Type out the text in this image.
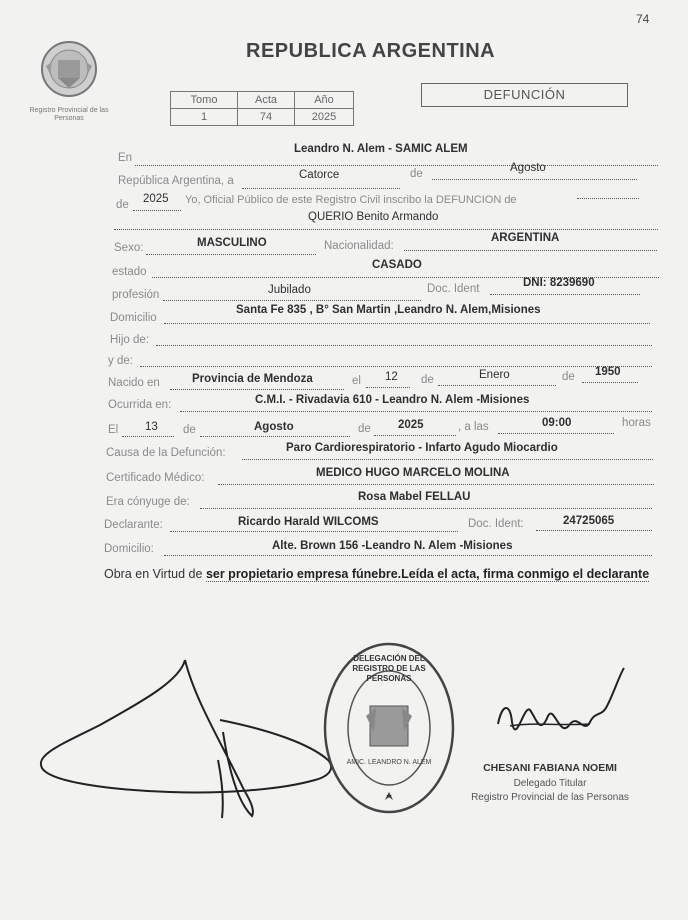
74
Registro Provincial de las Personas
REPUBLICA ARGENTINA
Tomo	Acta	Año
1	74	2025
DEFUNCIÓN
En
Leandro N. Alem - SAMIC ALEM
República Argentina, a	Catorce	de	Agosto
de 2025 Yo, Oficial Público de este Registro Civil inscribo la DEFUNCION de
QUERIO Benito Armando
Sexo:	MASCULINO	Nacionalidad:
ARGENTINA
estado
CASADO
profesión	Jubilado	Doc. Ident	DNI: 8239690
Domicilio
Santa Fe 835 , B° San Martin ,Leandro N. Alem,Misiones
Hijo de:
y de:
Nacido en	Provincia de Mendoza	el 12 de	Enero	de 1950
Ocurrida en:	C.M.I. - Rivadavia 610 - Leandro N. Alem -Misiones
El 13 de	Agosto	de 2025	, a las	09:00	horas
Causa de la Defunción:	Paro Cardiorespiratorio - Infarto Agudo Miocardio
Certificado Médico:	MEDICO HUGO MARCELO MOLINA
Era cónyuge de:	Rosa Mabel FELLAU
Declarante:	Ricardo Harald WILCOMS	Doc. Ident:	24725065
Domicilio:	Alte. Brown 156 -Leandro N. Alem -Misiones
Obra en Virtud de ser propietario empresa fúnebre.Leída el acta, firma conmigo el declarante
DELEGACIÓN DEL REGISTRO DE LAS PERSONAS
AMIC. LEANDRO N. ALEM	CHESANI FABIANA NOEMI
Delegado Titular
Registro Provincial de las Personas
